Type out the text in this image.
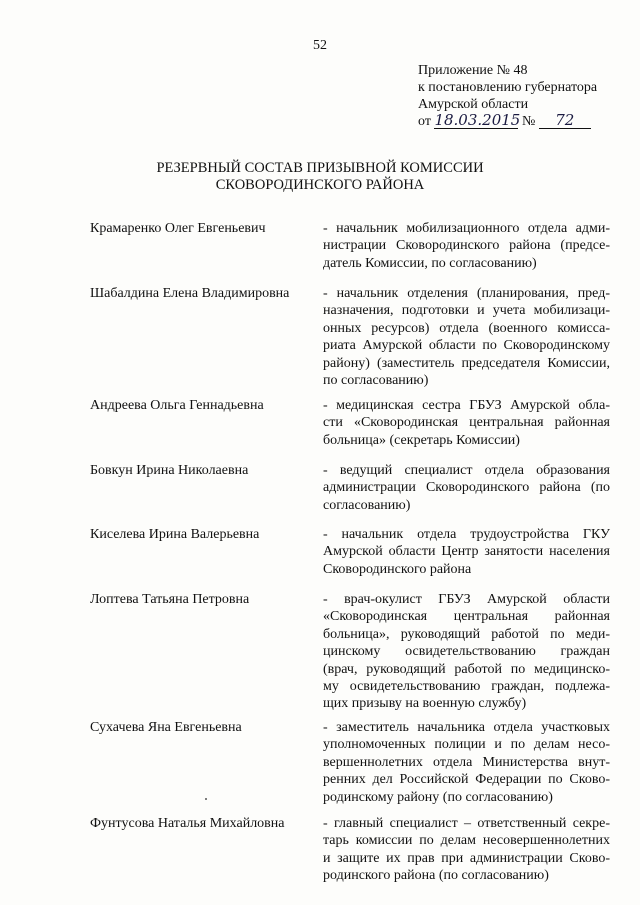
52
Приложение № 48
к постановлению губернатора
Амурской области
от 18.03.2015 № 72
РЕЗЕРВНЫЙ СОСТАВ ПРИЗЫВНОЙ КОМИССИИ
СКОВОРОДИНСКОГО РАЙОНА
Крамаренко Олег Евгеньевич	- начальник мобилизационного отдела адми-
нистрации Сковородинского района (предсе-
датель Комиссии, по согласованию)
Шабалдина Елена Владимировна	- начальник отделения (планирования, пред-
назначения, подготовки и учета мобилизаци-
онных ресурсов) отдела (военного комисса-
риата Амурской области по Сковородинскому
району) (заместитель председателя Комиссии,
по согласованию)
Андреева Ольга Геннадьевна	- медицинская сестра ГБУЗ Амурской обла-
сти «Сковородинская центральная районная
больница» (секретарь Комиссии)
Бовкун Ирина Николаевна	- ведущий специалист отдела образования
администрации Сковородинского района (по
согласованию)
Киселева Ирина Валерьевна	- начальник отдела трудоустройства ГКУ
Амурской области Центр занятости населения
Сковородинского района
Лоптева Татьяна Петровна	- врач-окулист ГБУЗ Амурской области
«Сковородинская центральная районная
больница», руководящий работой по меди-
цинскому освидетельствованию граждан
(врач, руководящий работой по медицинско-
му освидетельствованию граждан, подлежа-
щих призыву на военную службу)
Сухачева Яна Евгеньевна	- заместитель начальника отдела участковых
уполномоченных полиции и по делам несо-
вершеннолетних отдела Министерства внут-
ренних дел Российской Федерации по Сково-
родинскому району (по согласованию)
Фунтусова Наталья Михайловна	- главный специалист – ответственный секре-
тарь комиссии по делам несовершеннолетних
и защите их прав при администрации Сково-
родинского района (по согласованию)
